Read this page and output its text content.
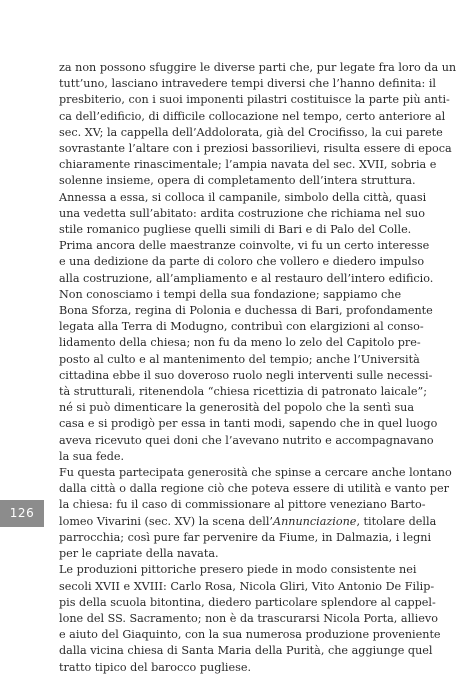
za non possono sfuggire le diverse parti che, pur legate fra loro da un
tutt’uno, lasciano intravedere tempi diversi che l’hanno definita: il
presbiterio, con i suoi imponenti pilastri costituisce la parte più anti-
ca dell’edificio, di difficile collocazione nel tempo, certo anteriore al
sec. XV; la cappella dell’Addolorata, già del Crocifisso, la cui parete
sovrastante l’altare con i preziosi bassorilievi, risulta essere di epoca
chiaramente rinascimentale; l’ampia navata del sec. XVII, sobria e
solenne insieme, opera di completamento dell’intera struttura.
Annessa a essa, si colloca il campanile, simbolo della città, quasi
una vedetta sull’abitato: ardita costruzione che richiama nel suo
stile romanico pugliese quelli simili di Bari e di Palo del Colle.
Prima ancora delle maestranze coinvolte, vi fu un certo interesse
e una dedizione da parte di coloro che vollero e diedero impulso
alla costruzione, all’ampliamento e al restauro dell’intero edificio.
Non conosciamo i tempi della sua fondazione; sappiamo che
Bona Sforza, regina di Polonia e duchessa di Bari, profondamente
legata alla Terra di Modugno, contribuì con elargizioni al conso-
lidamento della chiesa; non fu da meno lo zelo del Capitolo pre-
posto al culto e al mantenimento del tempio; anche l’Università
cittadina ebbe il suo doveroso ruolo negli interventi sulle necessi-
tà strutturali, ritenendola “chiesa ricettizia di patronato laicale”;
né si può dimenticare la generosità del popolo che la sentì sua
casa e si prodigò per essa in tanti modi, sapendo che in quel luogo
aveva ricevuto quei doni che l’avevano nutrito e accompagnavano
la sua fede.
Fu questa partecipata generosità che spinse a cercare anche lontano
dalla città o dalla regione ciò che poteva essere di utilità e vanto per
la chiesa: fu il caso di commissionare al pittore veneziano Barto-
lomeo Vivarini (sec. XV) la scena dell’Annunciazione, titolare della
parrocchia; così pure far pervenire da Fiume, in Dalmazia, i legni
per le capriate della navata.
Le produzioni pittoriche presero piede in modo consistente nei
secoli XVII e XVIII: Carlo Rosa, Nicola Gliri, Vito Antonio De Filip-
pis della scuola bitontina, diedero particolare splendore al cappel-
lone del SS. Sacramento; non è da trascurarsi Nicola Porta, allievo
e aiuto del Giaquinto, con la sua numerosa produzione proveniente
dalla vicina chiesa di Santa Maria della Purità, che aggiunge quel
tratto tipico del barocco pugliese.
126
